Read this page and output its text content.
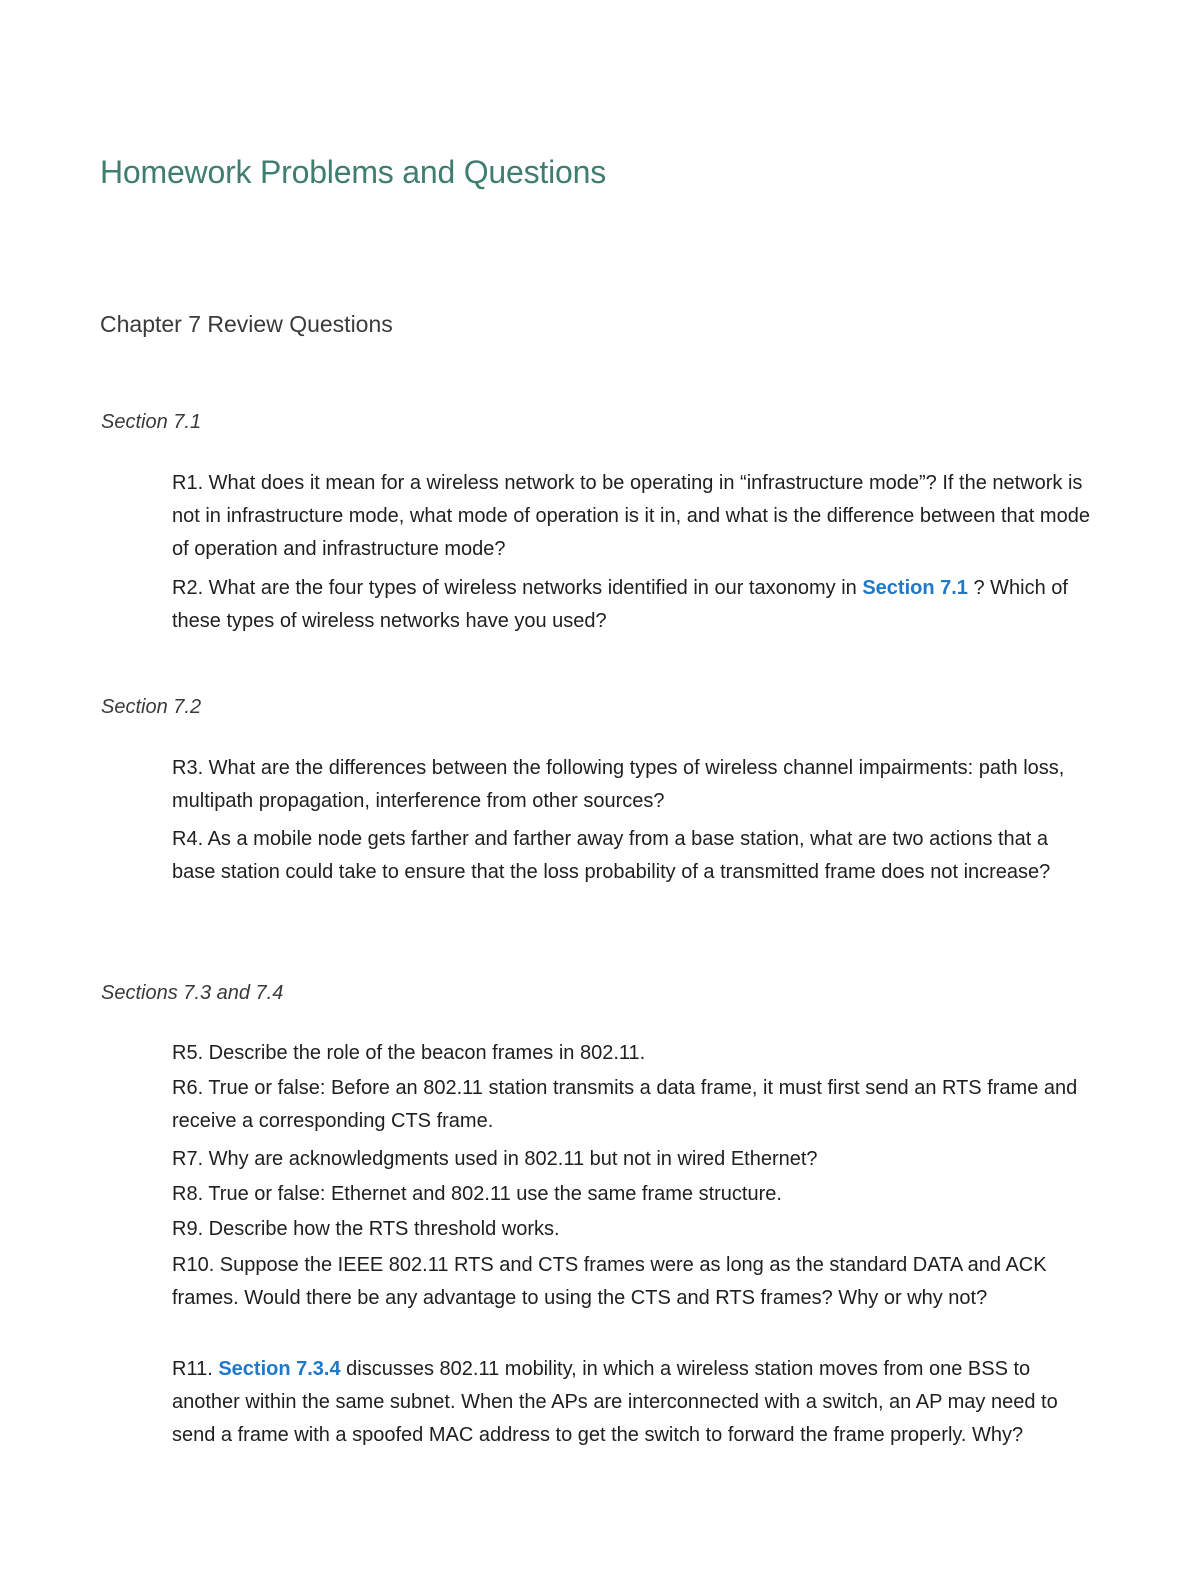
Homework Problems and Questions
Chapter 7 Review Questions
Section 7.1

R1. What does it mean for a wireless network to be operating in “infrastructure mode”? If the network is not in infrastructure mode, what mode of operation is it in, and what is the difference between that mode of operation and infrastructure mode?

R2. What are the four types of wireless networks identified in our taxonomy in Section 7.1 ? Which of these types of wireless networks have you used?

Section 7.2

R3. What are the differences between the following types of wireless channel impairments: path loss, multipath propagation, interference from other sources?

R4. As a mobile node gets farther and farther away from a base station, what are two actions that a base station could take to ensure that the loss probability of a transmitted frame does not increase?

Sections 7.3 and 7.4

R5. Describe the role of the beacon frames in 802.11.

R6. True or false: Before an 802.11 station transmits a data frame, it must first send an RTS frame and receive a corresponding CTS frame.

R7. Why are acknowledgments used in 802.11 but not in wired Ethernet?

R8. True or false: Ethernet and 802.11 use the same frame structure.

R9. Describe how the RTS threshold works.

R10. Suppose the IEEE 802.11 RTS and CTS frames were as long as the standard DATA and ACK frames. Would there be any advantage to using the CTS and RTS frames? Why or why not?

R11. Section 7.3.4 discusses 802.11 mobility, in which a wireless station moves from one BSS to another within the same subnet. When the APs are interconnected with a switch, an AP may need to send a frame with a spoofed MAC address to get the switch to forward the frame properly. Why?
